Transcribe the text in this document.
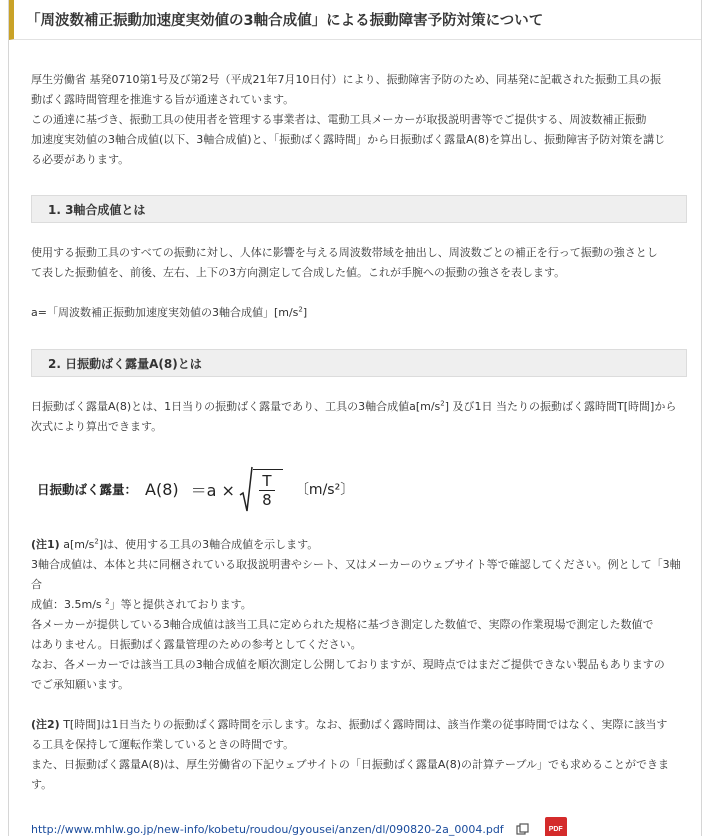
「周波数補正振動加速度実効値の3軸合成値」による振動障害予防対策について

厚生労働省 基発0710第1号及び第2号（平成21年7月10日付）により、振動障害予防のため、同基発に記載された振動工具の振

動ばく露時間管理を推進する旨が通達されています。

この通達に基づき、振動工具の使用者を管理する事業者は、電動工具メーカーが取扱説明書等でご提供する、周波数補正振動

加速度実効値の3軸合成値(以下、3軸合成値)と、「振動ばく露時間」から日振動ばく露量A(8)を算出し、振動障害予防対策を講じ

る必要があります。

1. 3軸合成値とは

使用する振動工具のすべての振動に対し、人体に影響を与える周波数帯域を抽出し、周波数ごとの補正を行って振動の強さとし

て表した振動値を、前後、左右、上下の3方向測定して合成した値。これが手腕への振動の強さを表します。

a=「周波数補正振動加速度実効値の3軸合成値」$[m/s^2]$

2. 日振動ばく露量A(8)とは

日振動ばく露量A(8)とは、1日当りの振動ばく露量であり、工具の3軸合成値$a[m/s^2]$ 及び1日 当たりの振動ばく露時間T[時間]から

次式により算出できます。

日振動ばく露量： $A(8) =a \times \frac{T}{8}$ 〔m/s²〕

(注1) $a[m/s^2]$は、使用する工具の3軸合成値を示します。

3軸合成値は、本体と共に同梱されている取扱説明書やシート、又はメーカーのウェブサイト等で確認してください。例として「3軸合

成値：3.5m/s $^2$」等と提供されております。

各メーカーが提供している3軸合成値は該当工具に定められた規格に基づき測定した数値で、実際の作業現場で測定した数値で

はありません。日振動ばく露量管理のための参考としてください。

なお、各メーカーでは該当工具の3軸合成値を順次測定し公開しておりますが、現時点ではまだご提供できない製品もありますの

でご承知願います。

(注2) T[時間]は1日当たりの振動ばく露時間を示します。なお、振動ばく露時間は、該当作業の従事時間ではなく、実際に該当す

る工具を保持して運転作業しているときの時間です。

また、日振動ばく露量A(8)は、厚生労働省の下記ウェブサイトの「日振動ばく露量A(8)の計算テーブル」でも求めることができま

す。

http://www.mhlw.go.jp/new-info/kobetu/roudou/gyousei/anzen/dl/090820-2a_0004.pdf	PDF
